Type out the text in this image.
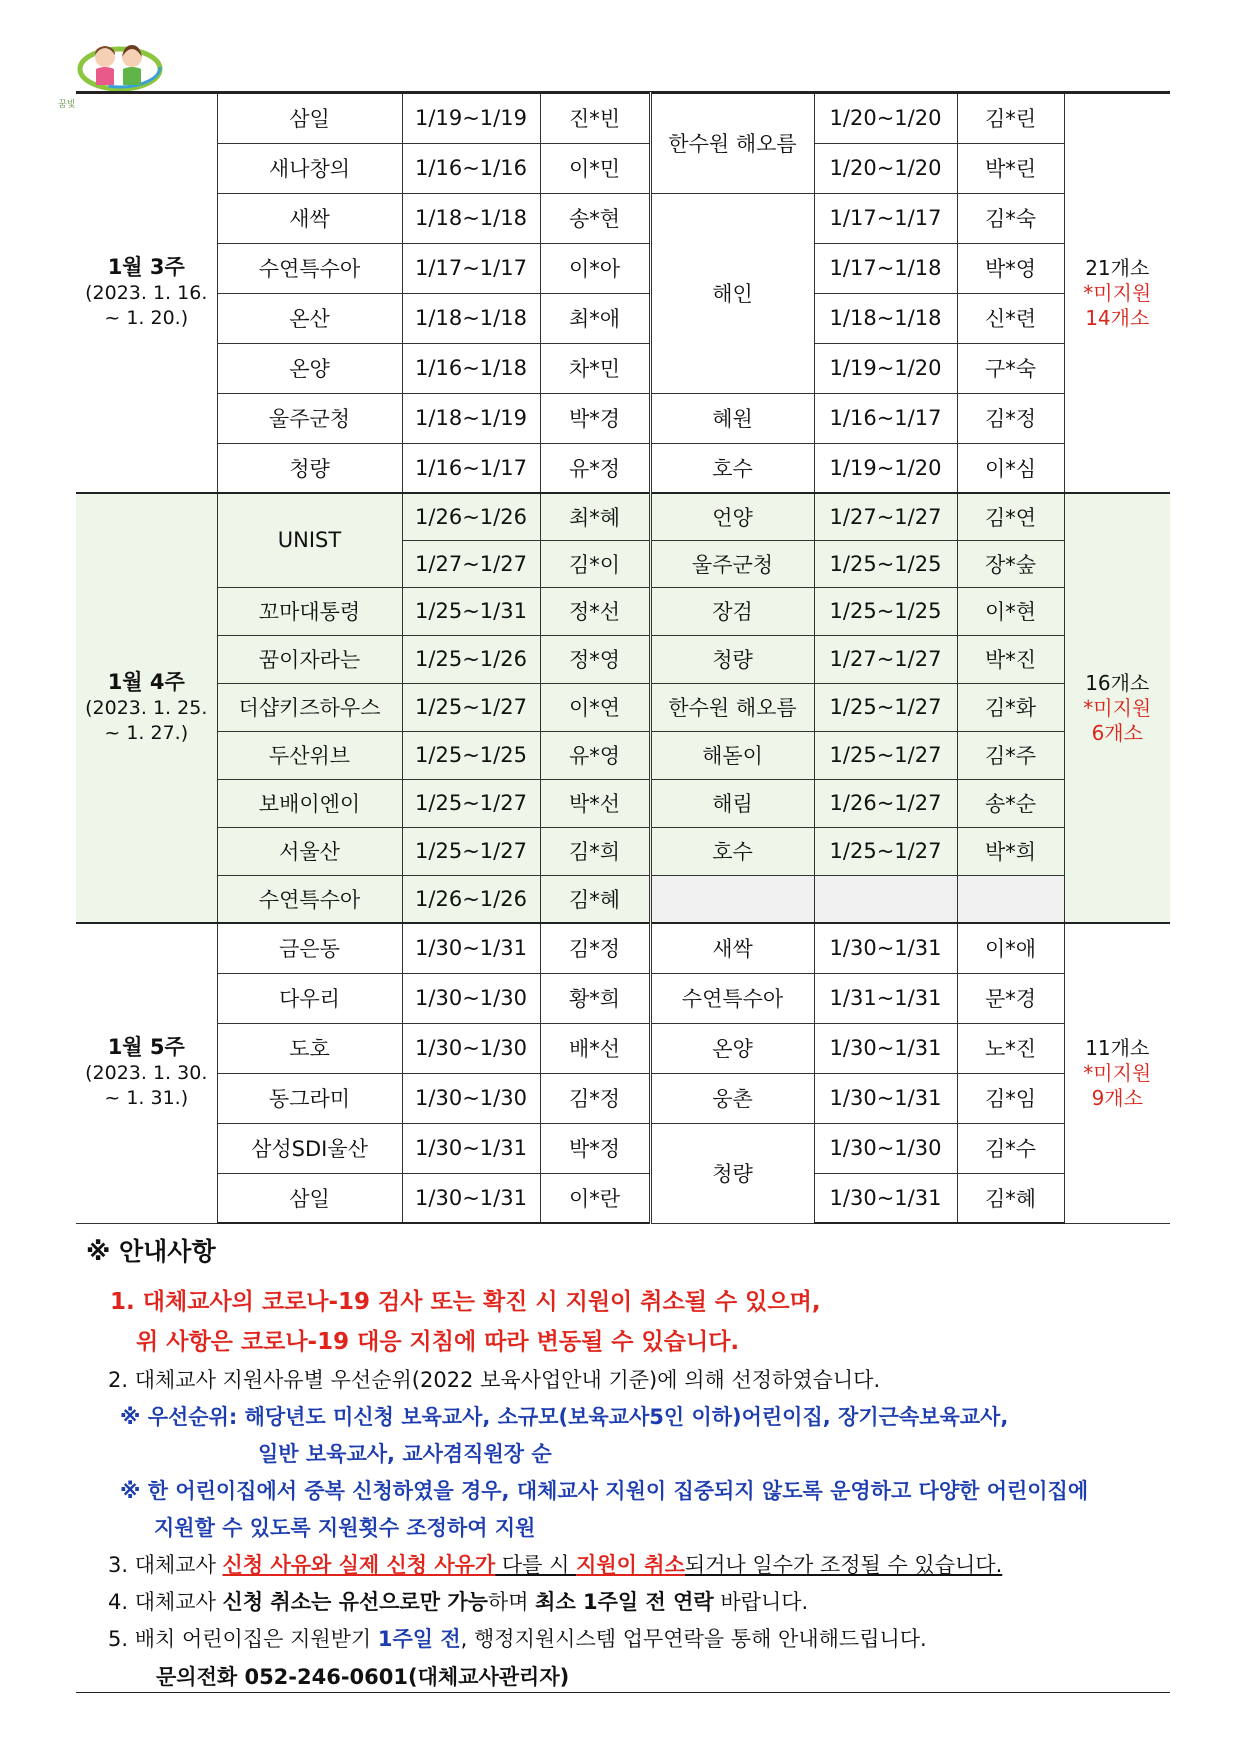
꿈빛
1월 3주
(2023. 1. 16.
~ 1. 20.)	삼일	1/19~1/19	진*빈	한수원 해오름	1/20~1/20	김*린	21개소
*미지원
14개소
	새나창의	1/16~1/16	이*민		1/20~1/20	박*린	
	새싹	1/18~1/18	송*현	해인	1/17~1/17	김*숙	
	수연특수아	1/17~1/17	이*아		1/17~1/18	박*영	
	온산	1/18~1/18	최*애		1/18~1/18	신*련	
	온양	1/16~1/18	차*민		1/19~1/20	구*숙	
	울주군청	1/18~1/19	박*경	혜원	1/16~1/17	김*정	
	청량	1/16~1/17	유*정	호수	1/19~1/20	이*심	
1월 4주
(2023. 1. 25.
~ 1. 27.)	UNIST	1/26~1/26	최*혜	언양	1/27~1/27	김*연	16개소
*미지원
6개소
		1/27~1/27	김*이	울주군청	1/25~1/25	장*숲	
	꼬마대통령	1/25~1/31	정*선	장검	1/25~1/25	이*현	
	꿈이자라는	1/25~1/26	정*영	청량	1/27~1/27	박*진	
	더샵키즈하우스	1/25~1/27	이*연	한수원 해오름	1/25~1/27	김*화	
	두산위브	1/25~1/25	유*영	해돋이	1/25~1/27	김*주	
	보배이엔이	1/25~1/27	박*선	해림	1/26~1/27	송*순	
	서울산	1/25~1/27	김*희	호수	1/25~1/27	박*희	
	수연특수아	1/26~1/26	김*혜				
1월 5주
(2023. 1. 30.
~ 1. 31.)	금은동	1/30~1/31	김*정	새싹	1/30~1/31	이*애	11개소
*미지원
9개소
	다우리	1/30~1/30	황*희	수연특수아	1/31~1/31	문*경	
	도호	1/30~1/30	배*선	온양	1/30~1/31	노*진	
	동그라미	1/30~1/30	김*정	웅촌	1/30~1/31	김*임	
	삼성SDI울산	1/30~1/31	박*정	청량	1/30~1/30	김*수	
	삼일	1/30~1/31	이*란		1/30~1/31	김*혜	
※ 안내사항
1. 대체교사의 코로나-19 검사 또는 확진 시 지원이 취소될 수 있으며,
위 사항은 코로나-19 대응 지침에 따라 변동될 수 있습니다.
2. 대체교사 지원사유별 우선순위(2022 보육사업안내 기준)에 의해 선정하였습니다.
※ 우선순위: 해당년도 미신청 보육교사, 소규모(보육교사5인 이하)어린이집, 장기근속보육교사,
일반 보육교사, 교사겸직원장 순
※ 한 어린이집에서 중복 신청하였을 경우, 대체교사 지원이 집중되지 않도록 운영하고 다양한 어린이집에
지원할 수 있도록 지원횟수 조정하여 지원
3. 대체교사 신청 사유와 실제 신청 사유가 다를 시 지원이 취소되거나 일수가 조정될 수 있습니다.
4. 대체교사 신청 취소는 유선으로만 가능하며 최소 1주일 전 연락 바랍니다.
5. 배치 어린이집은 지원받기 1주일 전, 행정지원시스템 업무연락을 통해 안내해드립니다.
문의전화 052-246-0601(대체교사관리자)
